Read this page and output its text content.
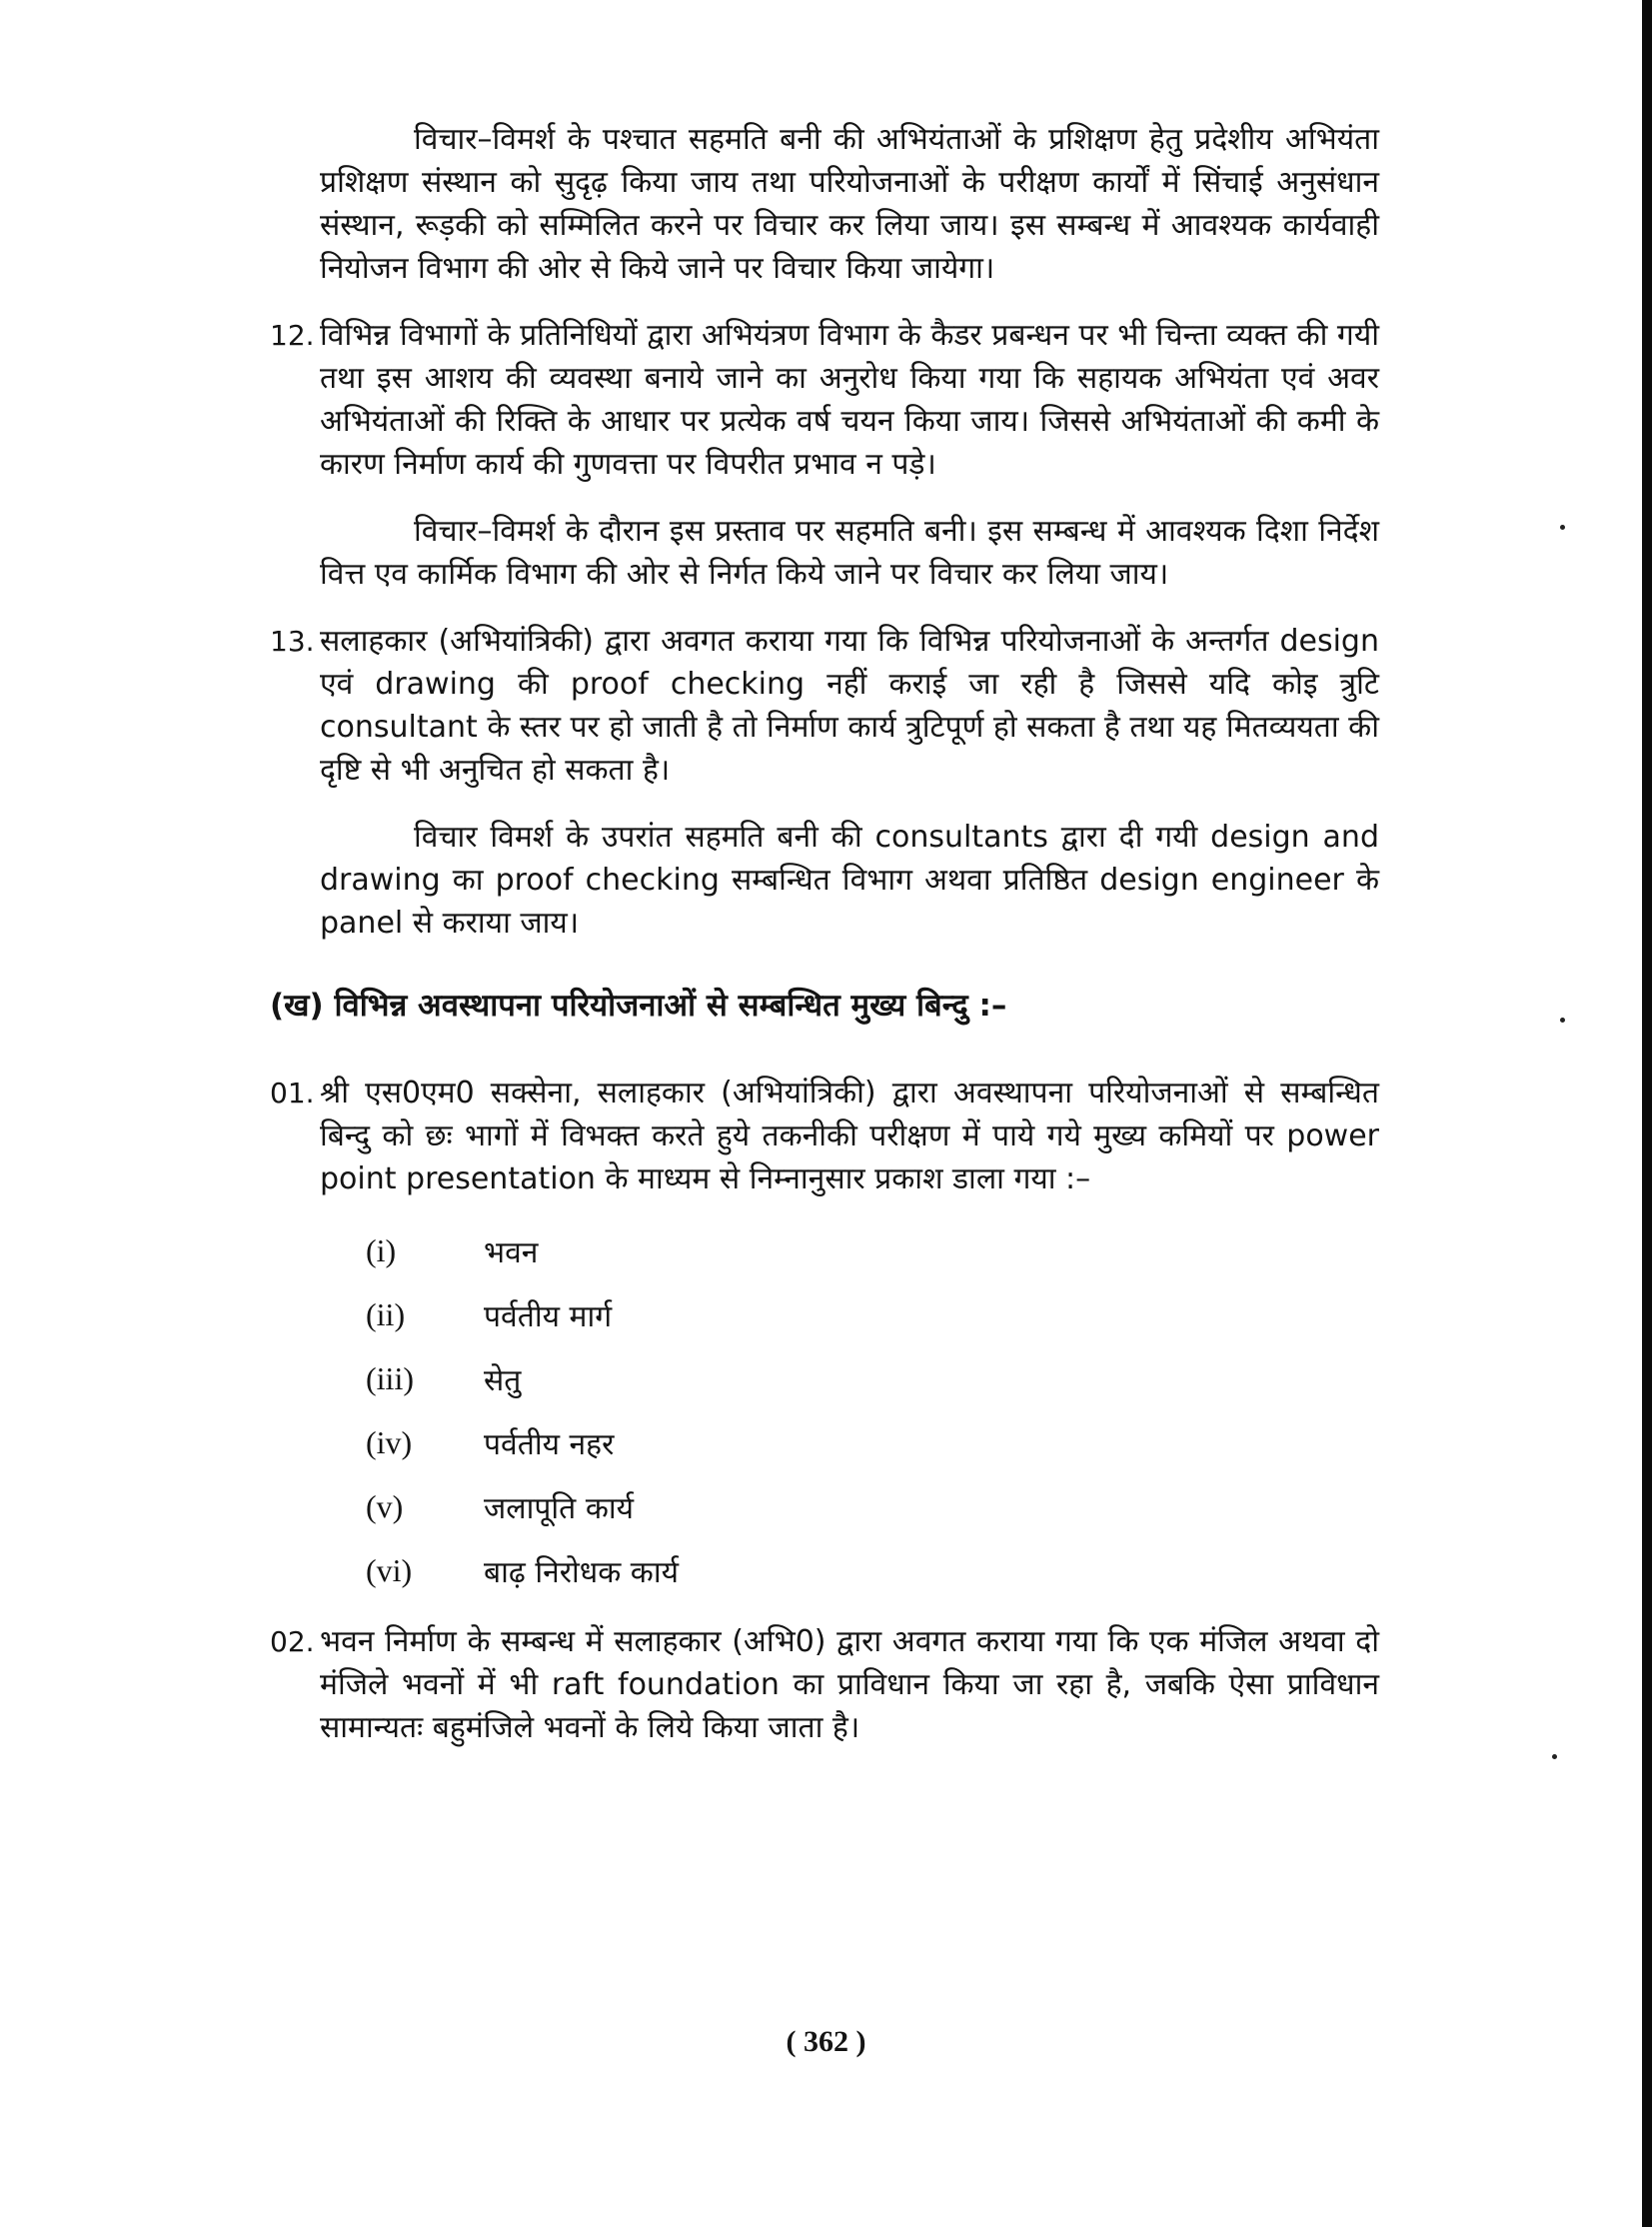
विचार–विमर्श के पश्चात सहमति बनी की अभियंताओं के प्रशिक्षण हेतु प्रदेशीय अभियंता प्रशिक्षण संस्थान को सुदृढ़ किया जाय तथा परियोजनाओं के परीक्षण कार्यों में सिंचाई अनुसंधान संस्थान, रूड़की को सम्मिलित करने पर विचार कर लिया जाय। इस सम्बन्ध में आवश्यक कार्यवाही नियोजन विभाग की ओर से किये जाने पर विचार किया जायेगा।

12. विभिन्न विभागों के प्रतिनिधियों द्वारा अभियंत्रण विभाग के कैडर प्रबन्धन पर भी चिन्ता व्यक्त की गयी तथा इस आशय की व्यवस्था बनाये जाने का अनुरोध किया गया कि सहायक अभियंता एवं अवर अभियंताओं की रिक्ति के आधार पर प्रत्येक वर्ष चयन किया जाय। जिससे अभियंताओं की कमी के कारण निर्माण कार्य की गुणवत्ता पर विपरीत प्रभाव न पड़े।

विचार–विमर्श के दौरान इस प्रस्ताव पर सहमति बनी। इस सम्बन्ध में आवश्यक दिशा निर्देश वित्त एव कार्मिक विभाग की ओर से निर्गत किये जाने पर विचार कर लिया जाय।

13. सलाहकार (अभियांत्रिकी) द्वारा अवगत कराया गया कि विभिन्न परियोजनाओं के अन्तर्गत design एवं drawing की proof checking नहीं कराई जा रही है जिससे यदि कोइ त्रुटि consultant के स्तर पर हो जाती है तो निर्माण कार्य त्रुटिपूर्ण हो सकता है तथा यह मितव्ययता की दृष्टि से भी अनुचित हो सकता है।

विचार विमर्श के उपरांत सहमति बनी की consultants द्वारा दी गयी design and drawing का proof checking सम्बन्धित विभाग अथवा प्रतिष्ठित design engineer के panel से कराया जाय।

(ख) विभिन्न अवस्थापना परियोजनाओं से सम्बन्धित मुख्य बिन्दु :–
01. श्री एस0एम0 सक्सेना, सलाहकार (अभियांत्रिकी) द्वारा अवस्थापना परियोजनाओं से सम्बन्धित बिन्दु को छः भागों में विभक्त करते हुये तकनीकी परीक्षण में पाये गये मुख्य कमियों पर power point presentation के माध्यम से निम्नानुसार प्रकाश डाला गया :–

(i)	भवन
(ii)	पर्वतीय मार्ग
(iii)	सेतु
(iv)	पर्वतीय नहर
(v)	जलापूति कार्य
(vi)	बाढ़ निरोधक कार्य
02. भवन निर्माण के सम्बन्ध में सलाहकार (अभि0) द्वारा अवगत कराया गया कि एक मंजिल अथवा दो मंजिले भवनों में भी raft foundation का प्राविधान किया जा रहा है, जबकि ऐसा प्राविधान सामान्यतः बहुमंजिले भवनों के लिये किया जाता है।

( 362 )
